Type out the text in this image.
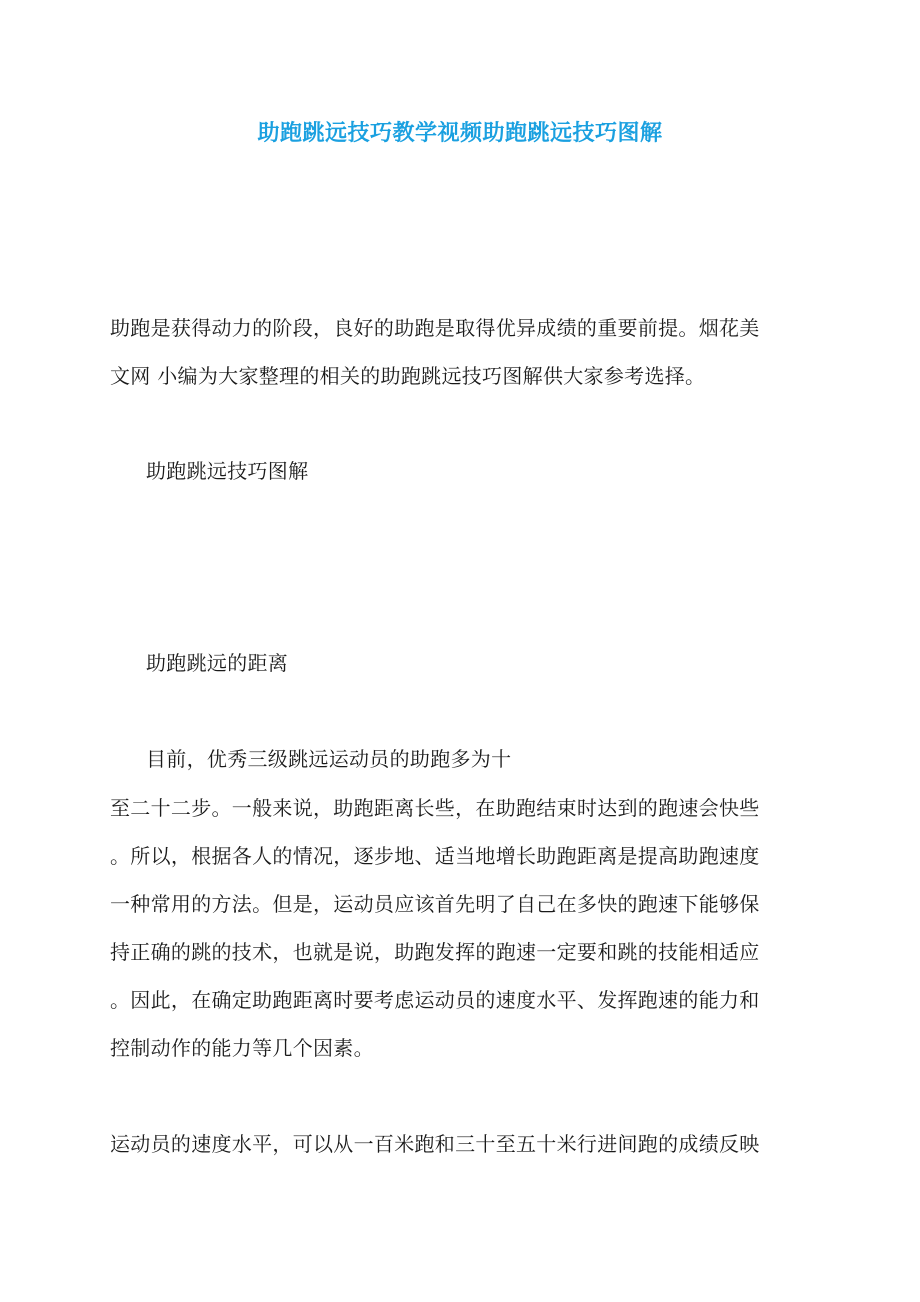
助跑跳远技巧教学视频助跑跳远技巧图解
助跑是获得动力的阶段，良好的助跑是取得优异成绩的重要前提。烟花美
文网 小编为大家整理的相关的助跑跳远技巧图解供大家参考选择。
助跑跳远技巧图解
助跑跳远的距离
目前，优秀三级跳远运动员的助跑多为十
至二十二步。一般来说，助跑距离长些，在助跑结束时达到的跑速会快些
。所以，根据各人的情况，逐步地、适当地增长助跑距离是提高助跑速度
一种常用的方法。但是，运动员应该首先明了自己在多快的跑速下能够保
持正确的跳的技术，也就是说，助跑发挥的跑速一定要和跳的技能相适应
。因此，在确定助跑距离时要考虑运动员的速度水平、发挥跑速的能力和
控制动作的能力等几个因素。
运动员的速度水平，可以从一百米跑和三十至五十米行进间跑的成绩反映
